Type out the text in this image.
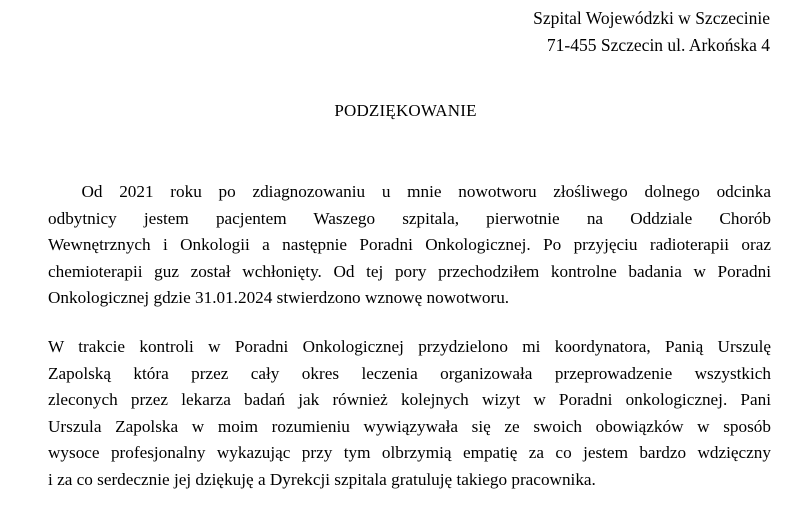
Szpital Wojewódzki w Szczecinie
71-455 Szczecin ul. Arkońska 4
PODZIĘKOWANIE

Od 2021 roku po zdiagnozowaniu u mnie nowotworu złośliwego dolnego odcinka
odbytnicy jestem pacjentem Waszego szpitala, pierwotnie na Oddziale Chorób
Wewnętrznych i Onkologii a następnie Poradni Onkologicznej. Po przyjęciu radioterapii oraz
chemioterapii guz został wchłonięty. Od tej pory przechodziłem kontrolne badania w Poradni
Onkologicznej gdzie 31.01.2024 stwierdzono wznowę nowotworu.

W trakcie kontroli w Poradni Onkologicznej przydzielono mi koordynatora, Panią Urszulę
Zapolską która przez cały okres leczenia organizowała przeprowadzenie wszystkich
zleconych przez lekarza badań jak również kolejnych wizyt w Poradni onkologicznej. Pani
Urszula Zapolska w moim rozumieniu wywiązywała się ze swoich obowiązków w sposób
wysoce profesjonalny wykazując przy tym olbrzymią empatię za co jestem bardzo wdzięczny
i za co serdecznie jej dziękuję a Dyrekcji szpitala gratuluję takiego pracownika.
